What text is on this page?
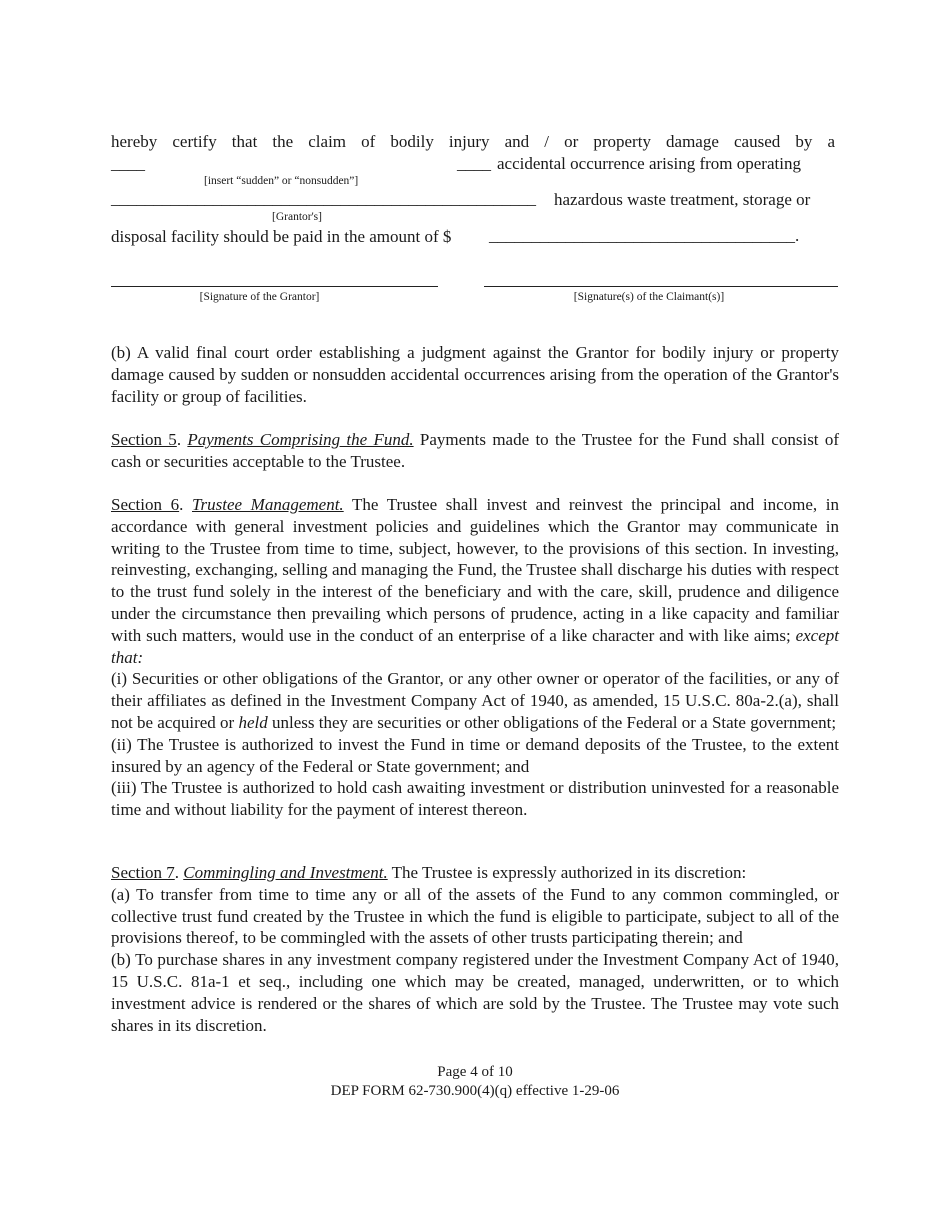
hereby certify that the claim of bodily injury and / or property damage caused by a
____	____ accidental occurrence arising from operating
[insert “sudden” or “nonsudden”]
__________________________________________________ hazardous waste treatment, storage or
[Grantor's]
disposal facility should be paid in the amount of $ ____________________________________.
[Signature of the Grantor]	[Signature(s) of the Claimant(s)]
(b) A valid final court order establishing a judgment against the Grantor for bodily injury or property damage caused by sudden or nonsudden accidental occurrences arising from the operation of the Grantor's facility or group of facilities.
Section 5. Payments Comprising the Fund. Payments made to the Trustee for the Fund shall consist of cash or securities acceptable to the Trustee.
Section 6. Trustee Management. The Trustee shall invest and reinvest the principal and income, in accordance with general investment policies and guidelines which the Grantor may communicate in writing to the Trustee from time to time, subject, however, to the provisions of this section. In investing, reinvesting, exchanging, selling and managing the Fund, the Trustee shall discharge his duties with respect to the trust fund solely in the interest of the beneficiary and with the care, skill, prudence and diligence under the circumstance then prevailing which persons of prudence, acting in a like capacity and familiar with such matters, would use in the conduct of an enterprise of a like character and with like aims; except that:
(i) Securities or other obligations of the Grantor, or any other owner or operator of the facilities, or any of their affiliates as defined in the Investment Company Act of 1940, as amended, 15 U.S.C. 80a-2.(a), shall not be acquired or held unless they are securities or other obligations of the Federal or a State government;
(ii) The Trustee is authorized to invest the Fund in time or demand deposits of the Trustee, to the extent insured by an agency of the Federal or State government; and
(iii) The Trustee is authorized to hold cash awaiting investment or distribution uninvested for a reasonable time and without liability for the payment of interest thereon.
Section 7. Commingling and Investment. The Trustee is expressly authorized in its discretion:
(a) To transfer from time to time any or all of the assets of the Fund to any common commingled, or collective trust fund created by the Trustee in which the fund is eligible to participate, subject to all of the provisions thereof, to be commingled with the assets of other trusts participating therein; and
(b) To purchase shares in any investment company registered under the Investment Company Act of 1940, 15 U.S.C. 81a-1 et seq., including one which may be created, managed, underwritten, or to which investment advice is rendered or the shares of which are sold by the Trustee. The Trustee may vote such shares in its discretion.
Page 4 of 10
DEP FORM 62-730.900(4)(q) effective 1-29-06
